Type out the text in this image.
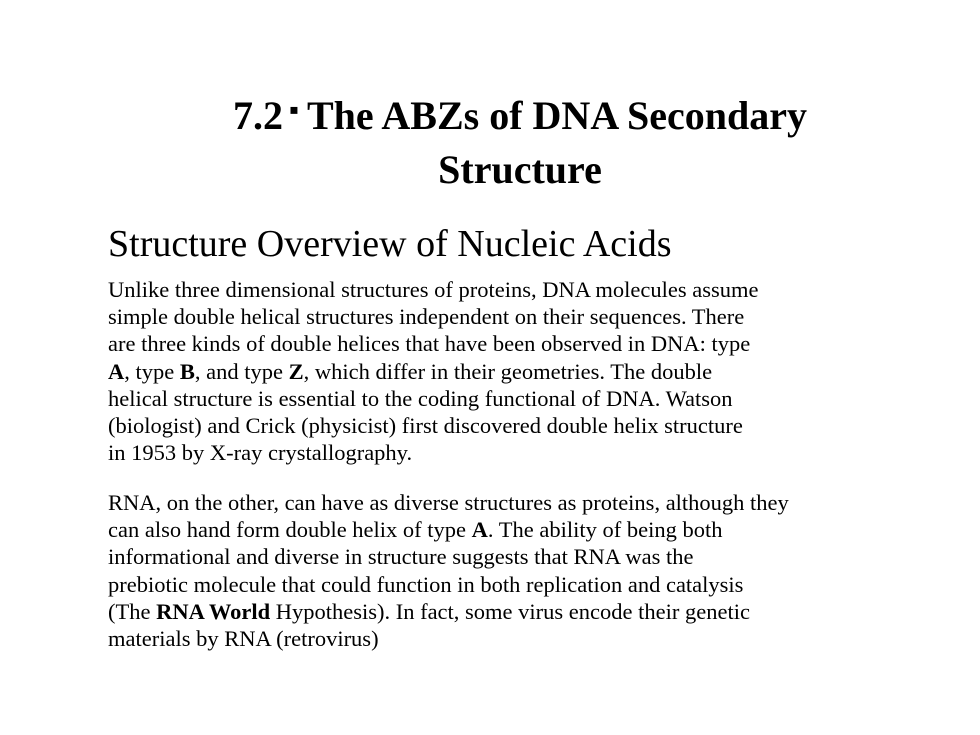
7.2 ▪ The ABZs of DNA Secondary
Structure
Structure Overview of Nucleic Acids
Unlike three dimensional structures of proteins, DNA molecules assume
simple double helical structures independent on their sequences. There
are three kinds of double helices that have been observed in DNA: type
A, type B, and type Z, which differ in their geometries. The double
helical structure is essential to the coding functional of DNA. Watson
(biologist) and Crick (physicist) first discovered double helix structure
in 1953 by X-ray crystallography.
RNA, on the other, can have as diverse structures as proteins, although they
can also hand form double helix of type A. The ability of being both
informational and diverse in structure suggests that RNA was the
prebiotic molecule that could function in both replication and catalysis
(The RNA World Hypothesis). In fact, some virus encode their genetic
materials by RNA (retrovirus)
